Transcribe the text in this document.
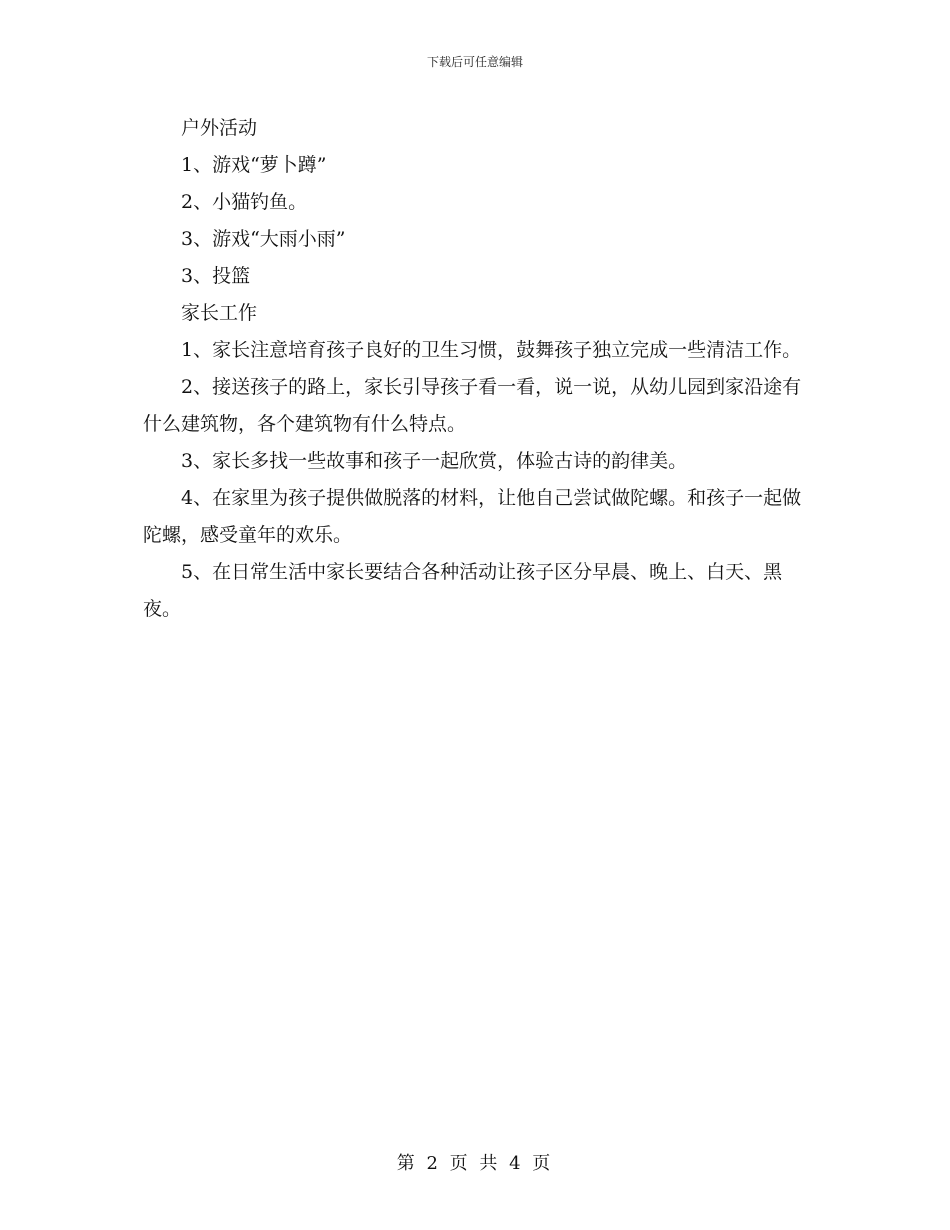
下载后可任意编辑

户外活动

1、游戏“萝卜蹲”

2、小猫钓鱼。

3、游戏“大雨小雨”

3、投篮

家长工作

1、家长注意培育孩子良好的卫生习惯，鼓舞孩子独立完成一些清洁工作。

2、接送孩子的路上，家长引导孩子看一看，说一说，从幼儿园到家沿途有什么建筑物，各个建筑物有什么特点。

3、家长多找一些故事和孩子一起欣赏，体验古诗的韵律美。

4、在家里为孩子提供做脱落的材料，让他自己尝试做陀螺。和孩子一起做陀螺，感受童年的欢乐。

5、在日常生活中家长要结合各种活动让孩子区分早晨、晚上、白天、黑夜。

第 2 页 共 4 页
